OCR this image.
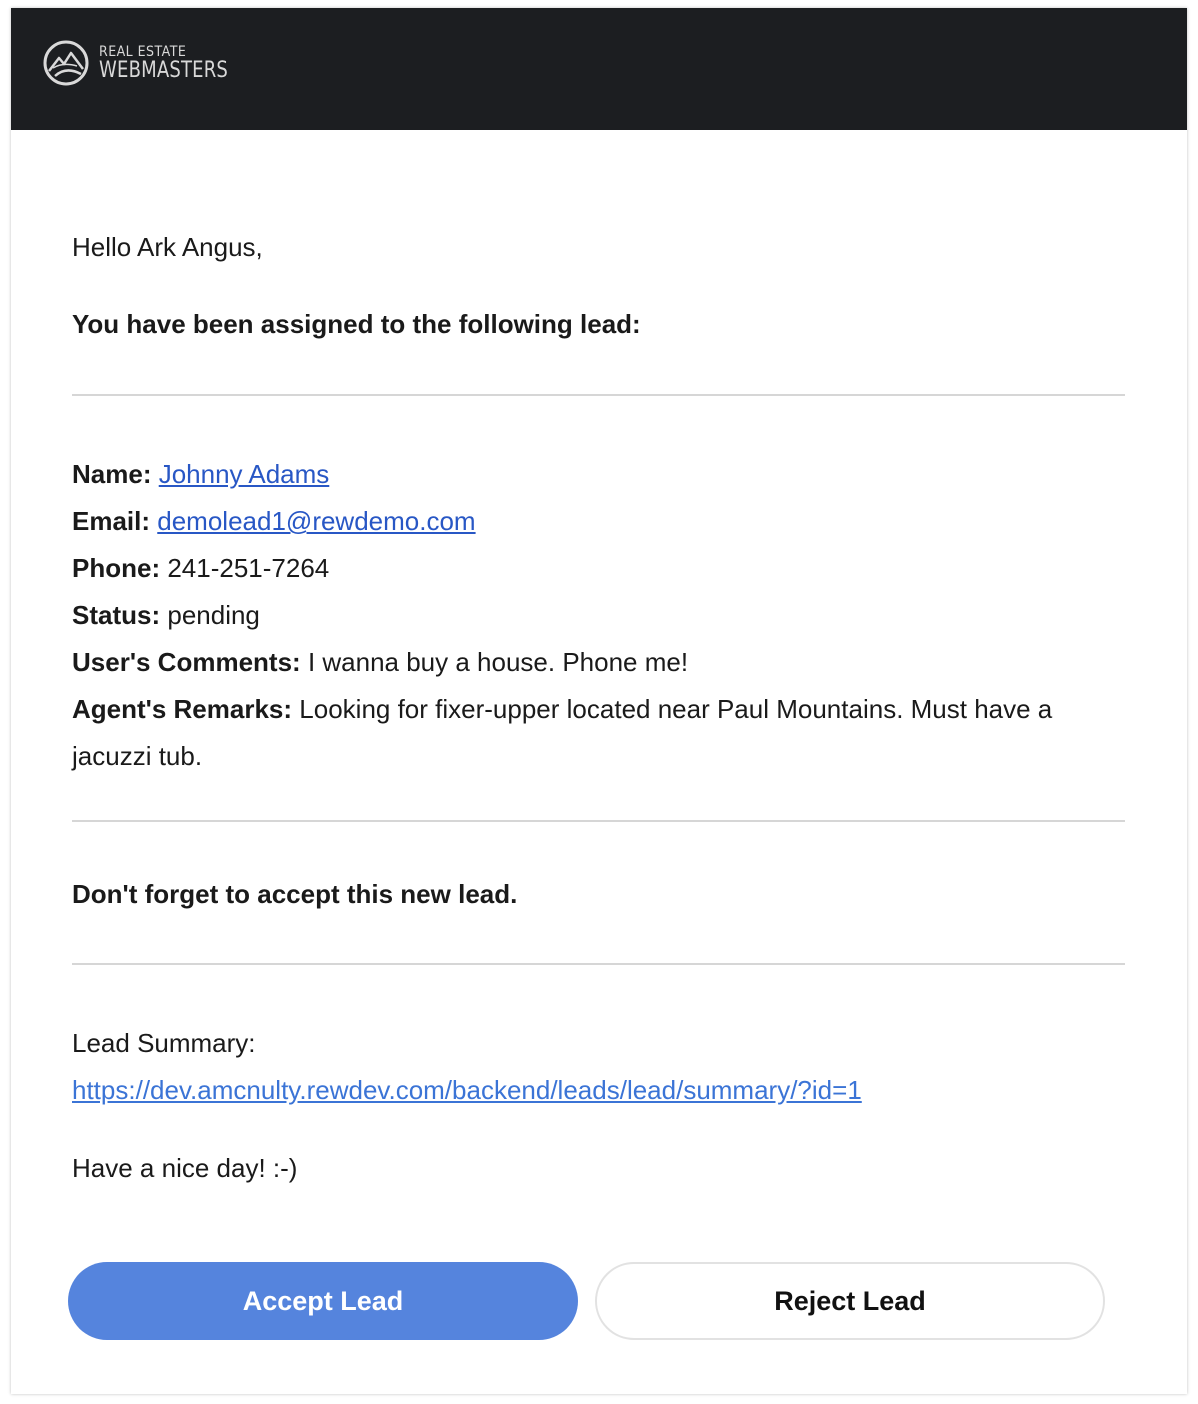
REAL ESTATE
WEBMASTERS
Hello Ark Angus,
You have been assigned to the following lead:
Name: Johnny Adams
Email: demolead1@rewdemo.com
Phone: 241-251-7264
Status: pending
User's Comments: I wanna buy a house. Phone me!
Agent's Remarks: Looking for fixer-upper located near Paul Mountains. Must have a jacuzzi tub.
Don't forget to accept this new lead.
Lead Summary: https://dev.amcnulty.rewdev.com/backend/leads/lead/summary/?id=1
Have a nice day! :-)
Accept Lead	Reject Lead
